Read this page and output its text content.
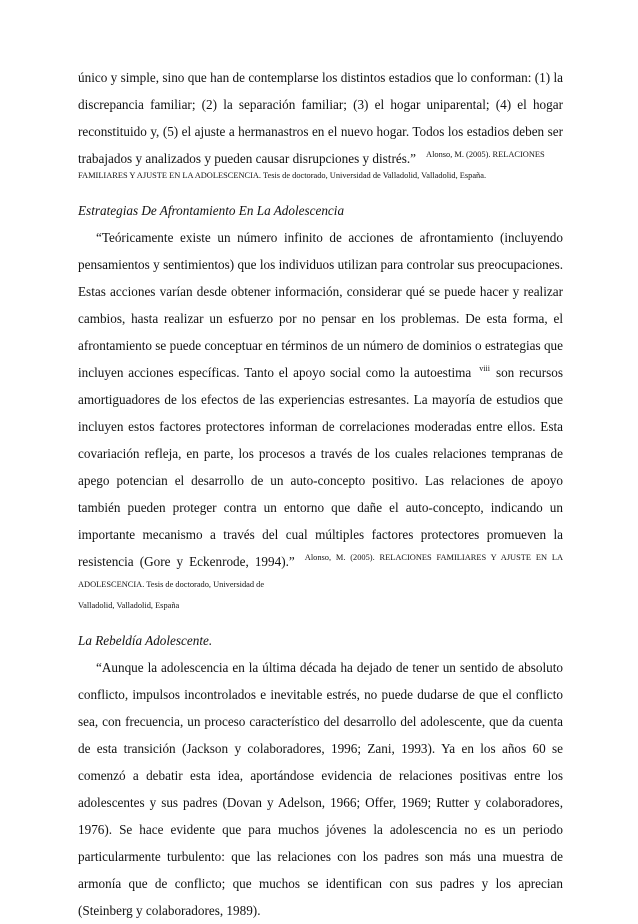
único y simple, sino que han de contemplarse los distintos estadios que lo conforman: (1) la discrepancia familiar; (2) la separación familiar; (3) el hogar uniparental; (4) el hogar reconstituido y, (5) el ajuste a hermanastros en el nuevo hogar. Todos los estadios deben ser trabajados y analizados y pueden causar disrupciones y distrés.” $^{Alonso, M. (2005). RELACIONES}$

FAMILIARES Y AJUSTE EN LA ADOLESCENCIA. Tesis de doctorado, Universidad de Valladolid, Valladolid, España.
Estrategias De Afrontamiento En La Adolescencia

“Teóricamente existe un número infinito de acciones de afrontamiento (incluyendo pensamientos y sentimientos) que los individuos utilizan para controlar sus preocupaciones. Estas acciones varían desde obtener información, considerar qué se puede hacer y realizar cambios, hasta realizar un esfuerzo por no pensar en los problemas. De esta forma, el afrontamiento se puede conceptuar en términos de un número de dominios o estrategias que incluyen acciones específicas. Tanto el apoyo social como la autoestima $^{viii}$ son recursos amortiguadores de los efectos de las experiencias estresantes. La mayoría de estudios que incluyen estos factores protectores informan de correlaciones moderadas entre ellos. Esta covariación refleja, en parte, los procesos a través de los cuales relaciones tempranas de apego potencian el desarrollo de un auto-concepto positivo. Las relaciones de apoyo también pueden proteger contra un entorno que dañe el auto-concepto, indicando un importante mecanismo a través del cual múltiples factores protectores promueven la resistencia (Gore y Eckenrode, 1994).” $^{Alonso, M. (2005). RELACIONES FAMILIARES Y AJUSTE EN LA ADOLESCENCIA. Tesis de doctorado, Universidad de}$

Valladolid, Valladolid, España
La Rebeldía Adolescente.

“Aunque la adolescencia en la última década ha dejado de tener un sentido de absoluto conflicto, impulsos incontrolados e inevitable estrés, no puede dudarse de que el conflicto sea, con frecuencia, un proceso característico del desarrollo del adolescente, que da cuenta de esta transición (Jackson y colaboradores, 1996; Zani, 1993). Ya en los años 60 se comenzó a debatir esta idea, aportándose evidencia de relaciones positivas entre los adolescentes y sus padres (Dovan y Adelson, 1966; Offer, 1969; Rutter y colaboradores, 1976). Se hace evidente que para muchos jóvenes la adolescencia no es un periodo particularmente turbulento: que las relaciones con los padres son más una muestra de armonía que de conflicto; que muchos se identifican con sus padres y los aprecian (Steinberg y colaboradores, 1989).
